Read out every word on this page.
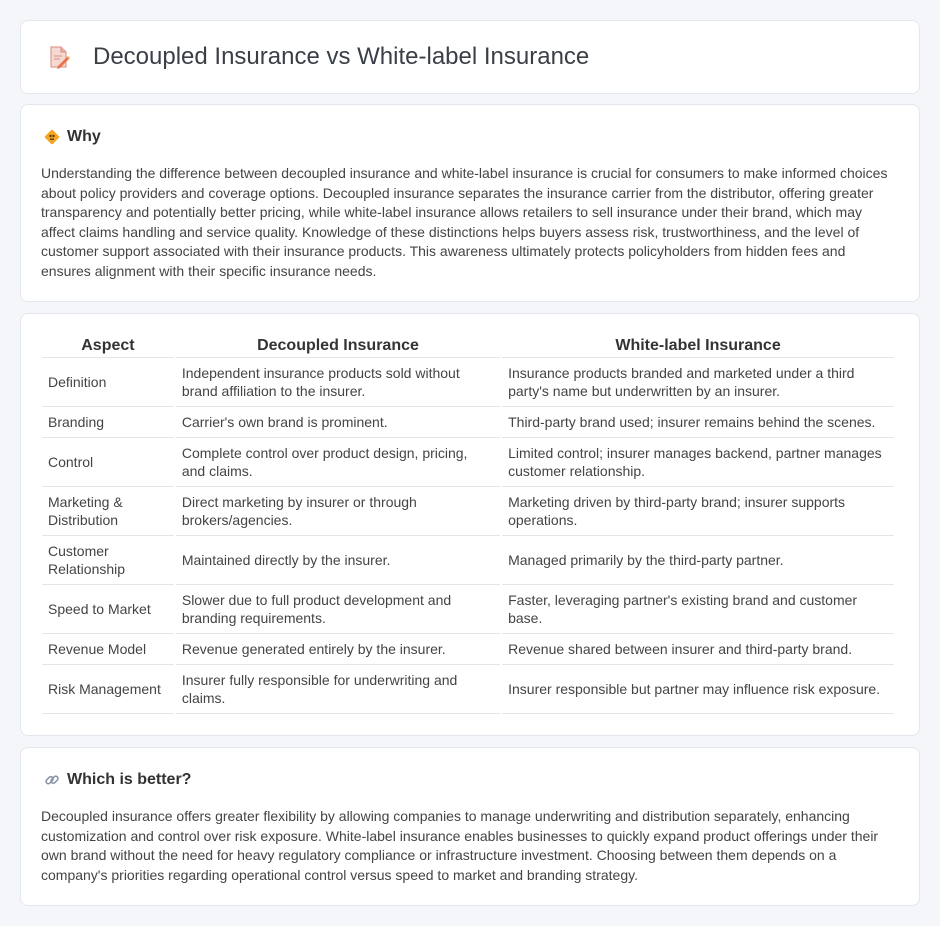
Decoupled Insurance vs White-label Insurance
Why

Understanding the difference between decoupled insurance and white-label insurance is crucial for consumers to make informed choices about policy providers and coverage options. Decoupled insurance separates the insurance carrier from the distributor, offering greater transparency and potentially better pricing, while white-label insurance allows retailers to sell insurance under their brand, which may affect claims handling and service quality. Knowledge of these distinctions helps buyers assess risk, trustworthiness, and the level of customer support associated with their insurance products. This awareness ultimately protects policyholders from hidden fees and ensures alignment with their specific insurance needs.

Aspect	Decoupled Insurance	White-label Insurance
Definition	Independent insurance products sold without brand affiliation to the insurer.	Insurance products branded and marketed under a third party's name but underwritten by an insurer.
Branding	Carrier's own brand is prominent.	Third-party brand used; insurer remains behind the scenes.
Control	Complete control over product design, pricing, and claims.	Limited control; insurer manages backend, partner manages customer relationship.
Marketing & Distribution	Direct marketing by insurer or through brokers/agencies.	Marketing driven by third-party brand; insurer supports operations.
Customer Relationship	Maintained directly by the insurer.	Managed primarily by the third-party partner.
Speed to Market	Slower due to full product development and branding requirements.	Faster, leveraging partner's existing brand and customer base.
Revenue Model	Revenue generated entirely by the insurer.	Revenue shared between insurer and third-party brand.
Risk Management	Insurer fully responsible for underwriting and claims.	Insurer responsible but partner may influence risk exposure.
Which is better?

Decoupled insurance offers greater flexibility by allowing companies to manage underwriting and distribution separately, enhancing customization and control over risk exposure. White-label insurance enables businesses to quickly expand product offerings under their own brand without the need for heavy regulatory compliance or infrastructure investment. Choosing between them depends on a company's priorities regarding operational control versus speed to market and branding strategy.
